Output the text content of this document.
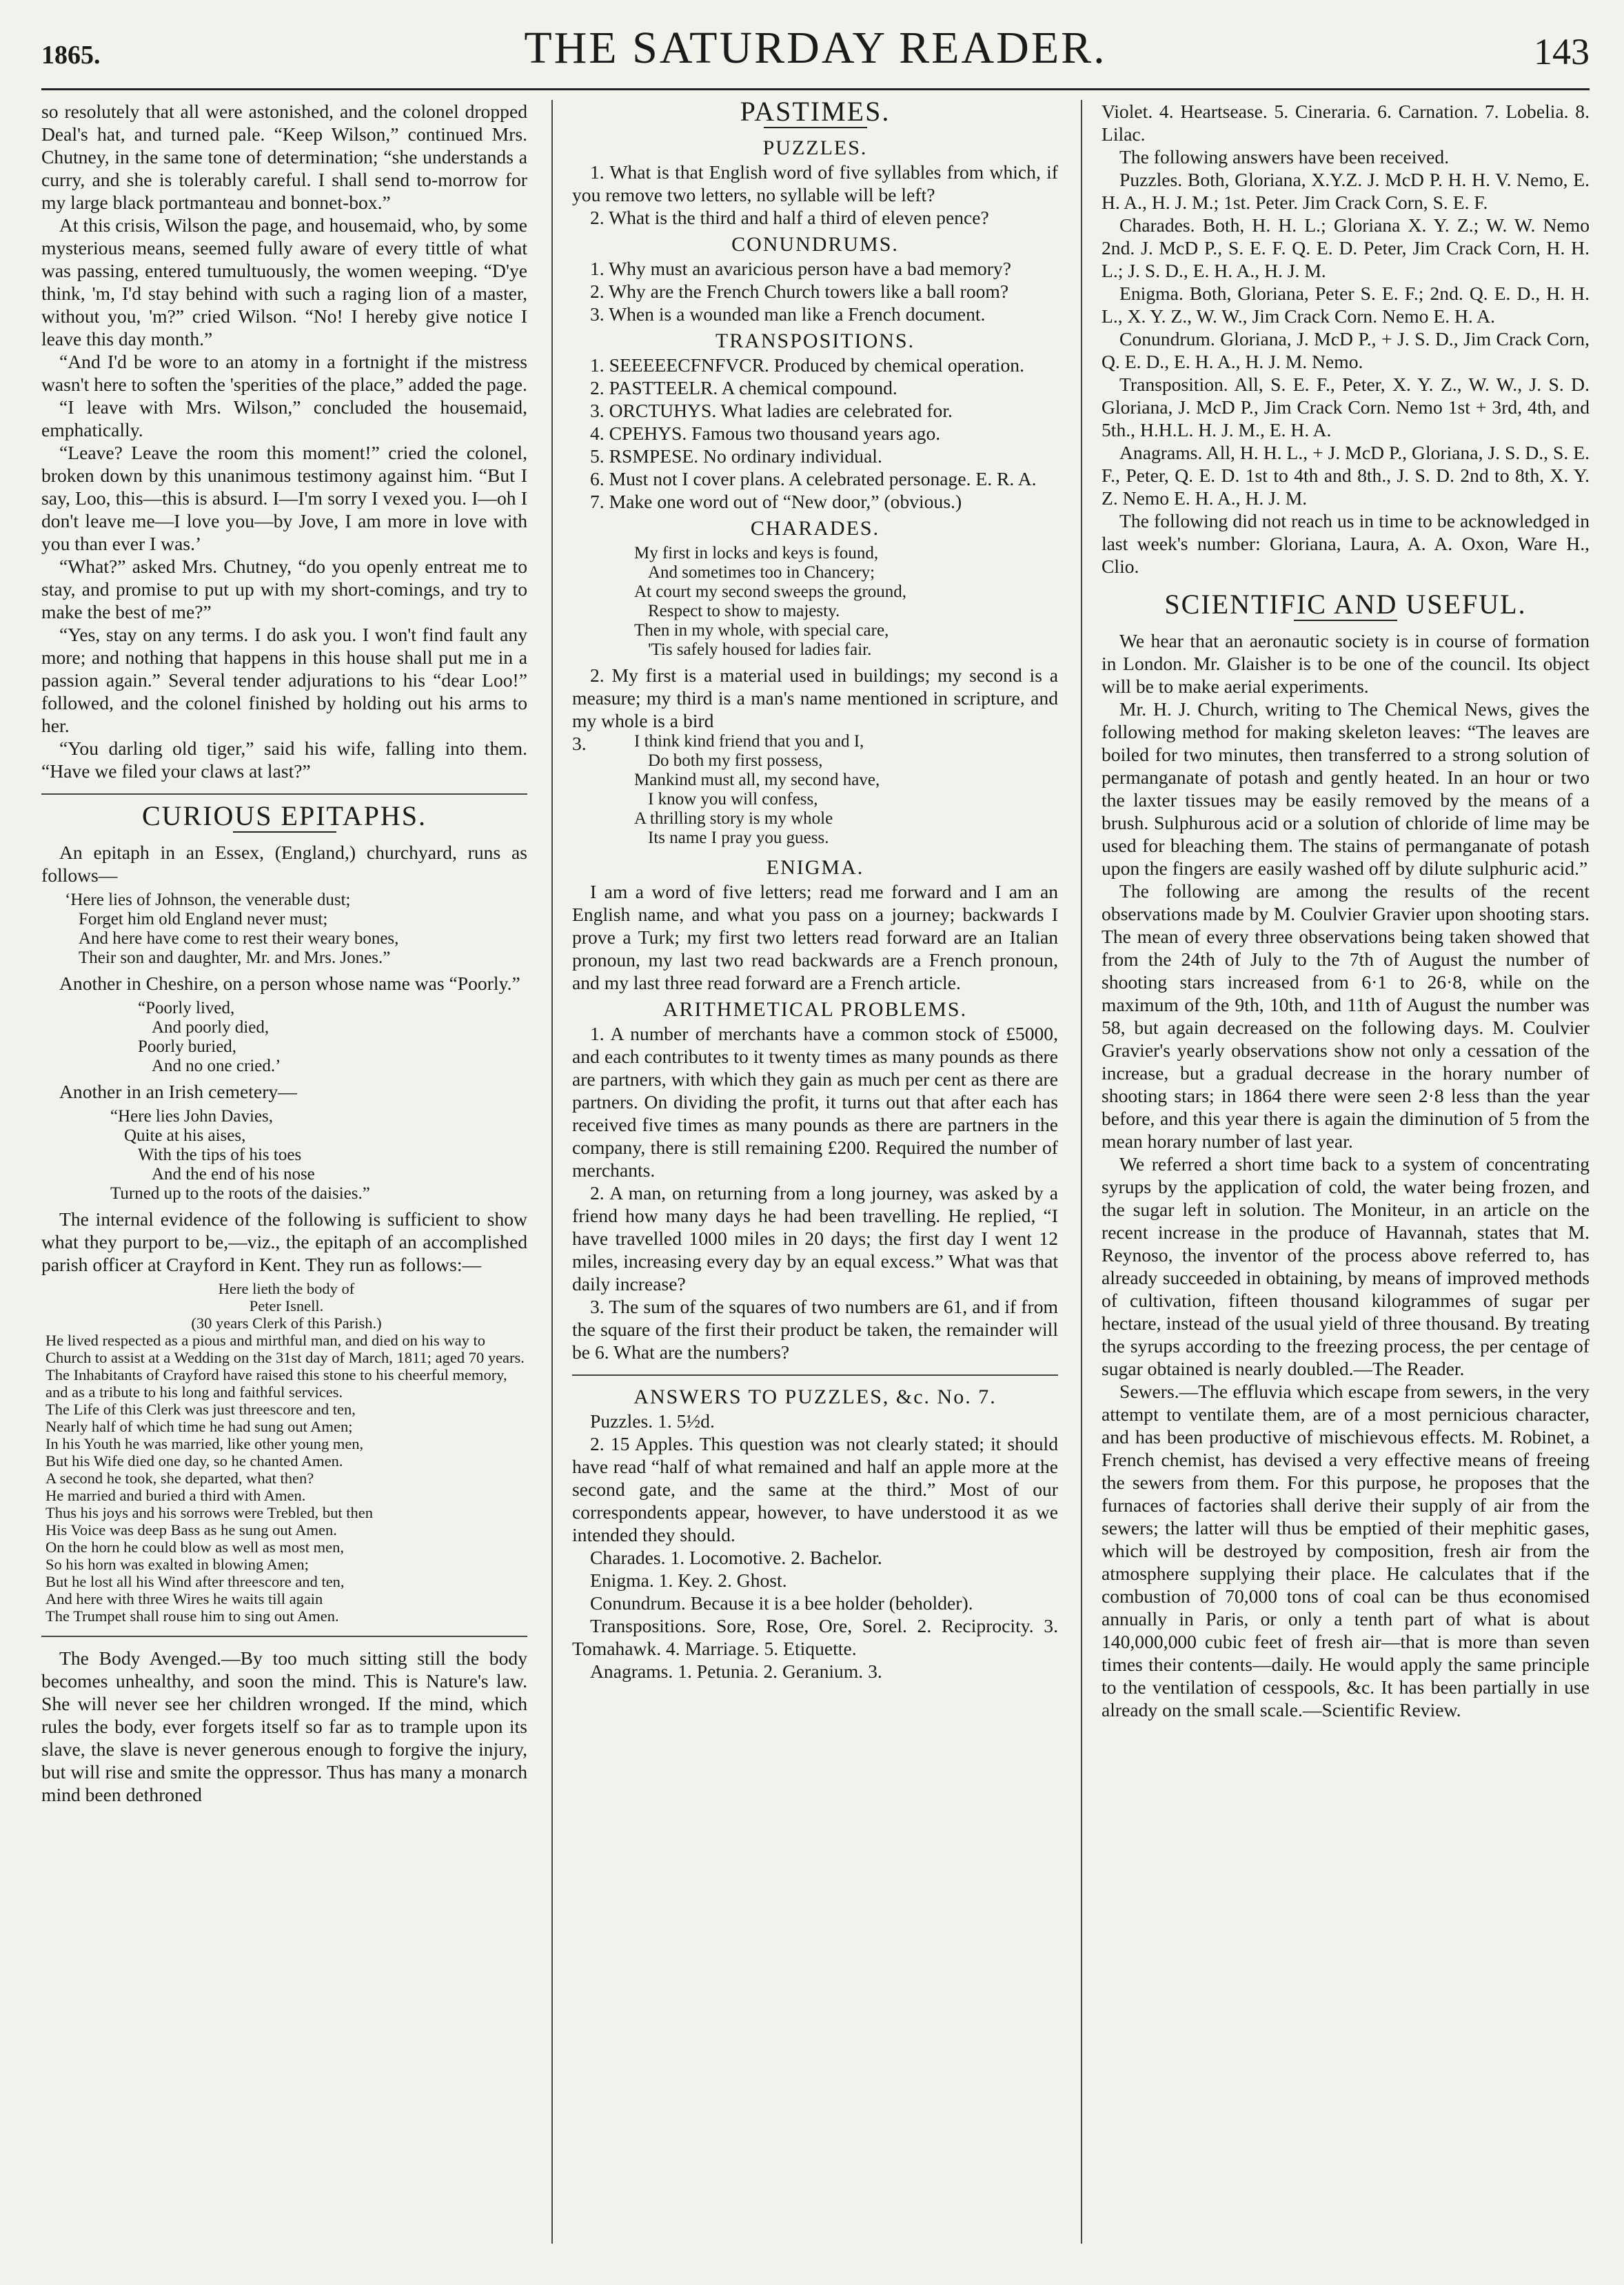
1865.	THE SATURDAY READER.	143

so resolutely that all were astonished, and the colonel dropped Deal's hat, and turned pale. “Keep Wilson,” continued Mrs. Chutney, in the same tone of determination; “she understands a curry, and she is tolerably careful. I shall send to-morrow for my large black portmanteau and bonnet-box.”

At this crisis, Wilson the page, and housemaid, who, by some mysterious means, seemed fully aware of every tittle of what was passing, entered tumultuously, the women weeping. “D'ye think, 'm, I'd stay behind with such a raging lion of a master, without you, 'm?” cried Wilson. “No! I hereby give notice I leave this day month.”

“And I'd be wore to an atomy in a fortnight if the mistress wasn't here to soften the 'sperities of the place,” added the page.

“I leave with Mrs. Wilson,” concluded the housemaid, emphatically.

“Leave? Leave the room this moment!” cried the colonel, broken down by this unanimous testimony against him. “But I say, Loo, this—this is absurd. I—I'm sorry I vexed you. I—oh I don't leave me—I love you—by Jove, I am more in love with you than ever I was.’

“What?” asked Mrs. Chutney, “do you openly entreat me to stay, and promise to put up with my short-comings, and try to make the best of me?”

“Yes, stay on any terms. I do ask you. I won't find fault any more; and nothing that happens in this house shall put me in a passion again.” Several tender adjurations to his “dear Loo!” followed, and the colonel finished by holding out his arms to her.

“You darling old tiger,” said his wife, falling into them. “Have we filed your claws at last?”

CURIOUS EPITAPHS.

An epitaph in an Essex, (England,) churchyard, runs as follows—

‘Here lies of Johnson, the venerable dust;
Forget him old England never must;
And here have come to rest their weary bones,
Their son and daughter, Mr. and Mrs. Jones.”

Another in Cheshire, on a person whose name was “Poorly.”

“Poorly lived,
And poorly died,
Poorly buried,
And no one cried.’

Another in an Irish cemetery—

“Here lies John Davies,
Quite at his aises,
With the tips of his toes
And the end of his nose
Turned up to the roots of the daisies.”

The internal evidence of the following is sufficient to show what they purport to be,—viz., the epitaph of an accomplished parish officer at Crayford in Kent. They run as follows:—

Here lieth the body of
Peter Isnell.
(30 years Clerk of this Parish.)
He lived respected as a pious and mirthful man, and died on his way to Church to assist at a Wedding on the 31st day of March, 1811; aged 70 years.
The Inhabitants of Crayford have raised this stone to his cheerful memory, and as a tribute to his long and faithful services.
The Life of this Clerk was just threescore and ten,
Nearly half of which time he had sung out Amen;
In his Youth he was married, like other young men,
But his Wife died one day, so he chanted Amen.
A second he took, she departed, what then?
He married and buried a third with Amen.
Thus his joys and his sorrows were Trebled, but then
His Voice was deep Bass as he sung out Amen.
On the horn he could blow as well as most men,
So his horn was exalted in blowing Amen;
But he lost all his Wind after threescore and ten,
And here with three Wires he waits till again
The Trumpet shall rouse him to sing out Amen.

The Body Avenged.—By too much sitting still the body becomes unhealthy, and soon the mind. This is Nature's law. She will never see her children wronged. If the mind, which rules the body, ever forgets itself so far as to trample upon its slave, the slave is never generous enough to forgive the injury, but will rise and smite the oppressor. Thus has many a monarch mind been dethroned

PASTIMES.
PUZZLES.

1. What is that English word of five syllables from which, if you remove two letters, no syllable will be left?

2. What is the third and half a third of eleven pence?

CONUNDRUMS.

1. Why must an avaricious person have a bad memory?

2. Why are the French Church towers like a ball room?

3. When is a wounded man like a French document.

TRANSPOSITIONS.

1. SEEEEECFNFVCR. Produced by chemical operation.

2. PASTTEELR. A chemical compound.

3. ORCTUHYS. What ladies are celebrated for.

4. CPEHYS. Famous two thousand years ago.

5. RSMPESE. No ordinary individual.

6. Must not I cover plans. A celebrated personage. E. R. A.

7. Make one word out of “New door,” (obvious.)

CHARADES.
My first in locks and keys is found,
And sometimes too in Chancery;
At court my second sweeps the ground,
Respect to show to majesty.
Then in my whole, with special care,
'Tis safely housed for ladies fair.

2. My first is a material used in buildings; my second is a measure; my third is a man's name mentioned in scripture, and my whole is a bird

3.	I think kind friend that you and I,
Do both my first possess,
Mankind must all, my second have,
I know you will confess,
A thrilling story is my whole
Its name I pray you guess.
ENIGMA.

I am a word of five letters; read me forward and I am an English name, and what you pass on a journey; backwards I prove a Turk; my first two letters read forward are an Italian pronoun, my last two read backwards are a French pronoun, and my last three read forward are a French article.

ARITHMETICAL PROBLEMS.

1. A number of merchants have a common stock of £5000, and each contributes to it twenty times as many pounds as there are partners, with which they gain as much per cent as there are partners. On dividing the profit, it turns out that after each has received five times as many pounds as there are partners in the company, there is still remaining £200. Required the number of merchants.

2. A man, on returning from a long journey, was asked by a friend how many days he had been travelling. He replied, “I have travelled 1000 miles in 20 days; the first day I went 12 miles, increasing every day by an equal excess.” What was that daily increase?

3. The sum of the squares of two numbers are 61, and if from the square of the first their product be taken, the remainder will be 6. What are the numbers?

ANSWERS TO PUZZLES, &c. No. 7.

Puzzles. 1. 5½d.

2. 15 Apples. This question was not clearly stated; it should have read “half of what remained and half an apple more at the second gate, and the same at the third.” Most of our correspondents appear, however, to have understood it as we intended they should.

Charades. 1. Locomotive. 2. Bachelor.

Enigma. 1. Key. 2. Ghost.

Conundrum. Because it is a bee holder (beholder).

Transpositions. Sore, Rose, Ore, Sorel. 2. Reciprocity. 3. Tomahawk. 4. Marriage. 5. Etiquette.

Anagrams. 1. Petunia. 2. Geranium. 3.

Violet. 4. Heartsease. 5. Cineraria. 6. Carnation. 7. Lobelia. 8. Lilac.

The following answers have been received.

Puzzles. Both, Gloriana, X.Y.Z. J. McD P. H. H. V. Nemo, E. H. A., H. J. M.; 1st. Peter. Jim Crack Corn, S. E. F.

Charades. Both, H. H. L.; Gloriana X. Y. Z.; W. W. Nemo 2nd. J. McD P., S. E. F. Q. E. D. Peter, Jim Crack Corn, H. H. L.; J. S. D., E. H. A., H. J. M.

Enigma. Both, Gloriana, Peter S. E. F.; 2nd. Q. E. D., H. H. L., X. Y. Z., W. W., Jim Crack Corn. Nemo E. H. A.

Conundrum. Gloriana, J. McD P., + J. S. D., Jim Crack Corn, Q. E. D., E. H. A., H. J. M. Nemo.

Transposition. All, S. E. F., Peter, X. Y. Z., W. W., J. S. D. Gloriana, J. McD P., Jim Crack Corn. Nemo 1st + 3rd, 4th, and 5th., H.H.L. H. J. M., E. H. A.

Anagrams. All, H. H. L., + J. McD P., Gloriana, J. S. D., S. E. F., Peter, Q. E. D. 1st to 4th and 8th., J. S. D. 2nd to 8th, X. Y. Z. Nemo E. H. A., H. J. M.

The following did not reach us in time to be acknowledged in last week's number: Gloriana, Laura, A. A. Oxon, Ware H., Clio.

SCIENTIFIC AND USEFUL.

We hear that an aeronautic society is in course of formation in London. Mr. Glaisher is to be one of the council. Its object will be to make aerial experiments.

Mr. H. J. Church, writing to The Chemical News, gives the following method for making skeleton leaves: “The leaves are boiled for two minutes, then transferred to a strong solution of permanganate of potash and gently heated. In an hour or two the laxter tissues may be easily removed by the means of a brush. Sulphurous acid or a solution of chloride of lime may be used for bleaching them. The stains of permanganate of potash upon the fingers are easily washed off by dilute sulphuric acid.”

The following are among the results of the recent observations made by M. Coulvier Gravier upon shooting stars. The mean of every three observations being taken showed that from the 24th of July to the 7th of August the number of shooting stars increased from 6·1 to 26·8, while on the maximum of the 9th, 10th, and 11th of August the number was 58, but again decreased on the following days. M. Coulvier Gravier's yearly observations show not only a cessation of the increase, but a gradual decrease in the horary number of shooting stars; in 1864 there were seen 2·8 less than the year before, and this year there is again the diminution of 5 from the mean horary number of last year.

We referred a short time back to a system of concentrating syrups by the application of cold, the water being frozen, and the sugar left in solution. The Moniteur, in an article on the recent increase in the produce of Havannah, states that M. Reynoso, the inventor of the process above referred to, has already succeeded in obtaining, by means of improved methods of cultivation, fifteen thousand kilogrammes of sugar per hectare, instead of the usual yield of three thousand. By treating the syrups according to the freezing process, the per centage of sugar obtained is nearly doubled.—The Reader.

Sewers.—The effluvia which escape from sewers, in the very attempt to ventilate them, are of a most pernicious character, and has been productive of mischievous effects. M. Robinet, a French chemist, has devised a very effective means of freeing the sewers from them. For this purpose, he proposes that the furnaces of factories shall derive their supply of air from the sewers; the latter will thus be emptied of their mephitic gases, which will be destroyed by composition, fresh air from the atmosphere supplying their place. He calculates that if the combustion of 70,000 tons of coal can be thus economised annually in Paris, or only a tenth part of what is about 140,000,000 cubic feet of fresh air—that is more than seven times their contents—daily. He would apply the same principle to the ventilation of cesspools, &c. It has been partially in use already on the small scale.—Scientific Review.
